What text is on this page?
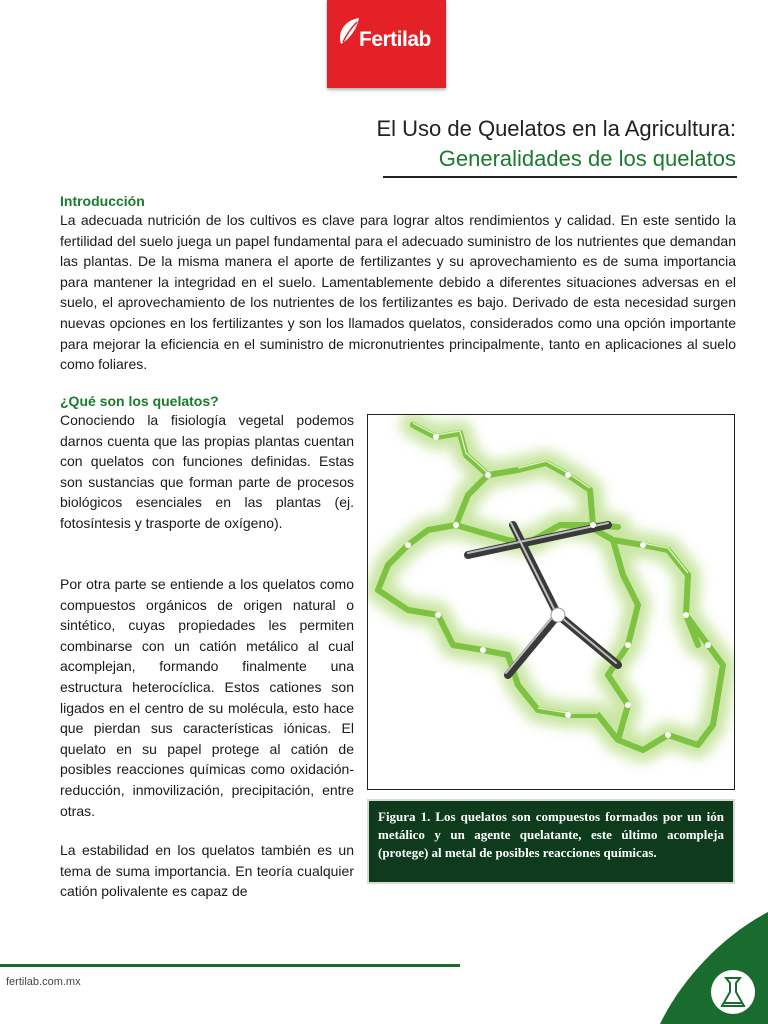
Fertilab
El Uso de Quelatos en la Agricultura:
Generalidades de los quelatos
Introducción
La adecuada nutrición de los cultivos es clave para lograr altos rendimientos y calidad. En este sentido la fertilidad del suelo juega un papel fundamental para el adecuado suministro de los nutrientes que demandan las plantas. De la misma manera el aporte de fertilizantes y su aprovechamiento es de suma importancia para mantener la integridad en el suelo. Lamentablemente debido a diferentes situaciones adversas en el suelo, el aprovechamiento de los nutrientes de los fertilizantes es bajo. Derivado de esta necesidad surgen nuevas opciones en los fertilizantes y son los llamados quelatos, considerados como una opción importante para mejorar la eficiencia en el suministro de micronutrientes principalmente, tanto en aplicaciones al suelo como foliares.
¿Qué son los quelatos?
Conociendo la fisiología vegetal podemos darnos cuenta que las propias plantas cuentan con quelatos con funciones definidas. Estas son sustancias que forman parte de procesos biológicos esenciales en las plantas (ej. fotosíntesis y trasporte de oxígeno).
Por otra parte se entiende a los quelatos como compuestos orgánicos de origen natural o sintético, cuyas propiedades les permiten combinarse con un catión metálico al cual acomplejan, formando finalmente una estructura heterocíclica. Estos cationes son ligados en el centro de su molécula, esto hace que pierdan sus características iónicas. El quelato en su papel protege al catión de posibles reacciones químicas como oxidación-reducción, inmovilización, precipitación, entre otras.
La estabilidad en los quelatos también es un tema de suma importancia. En teoría cualquier catión polivalente es capaz de
Figura 1. Los quelatos son compuestos formados por un ión metálico y un agente quelatante, este último acompleja (protege) al metal de posibles reacciones químicas.
fertilab.com.mx
